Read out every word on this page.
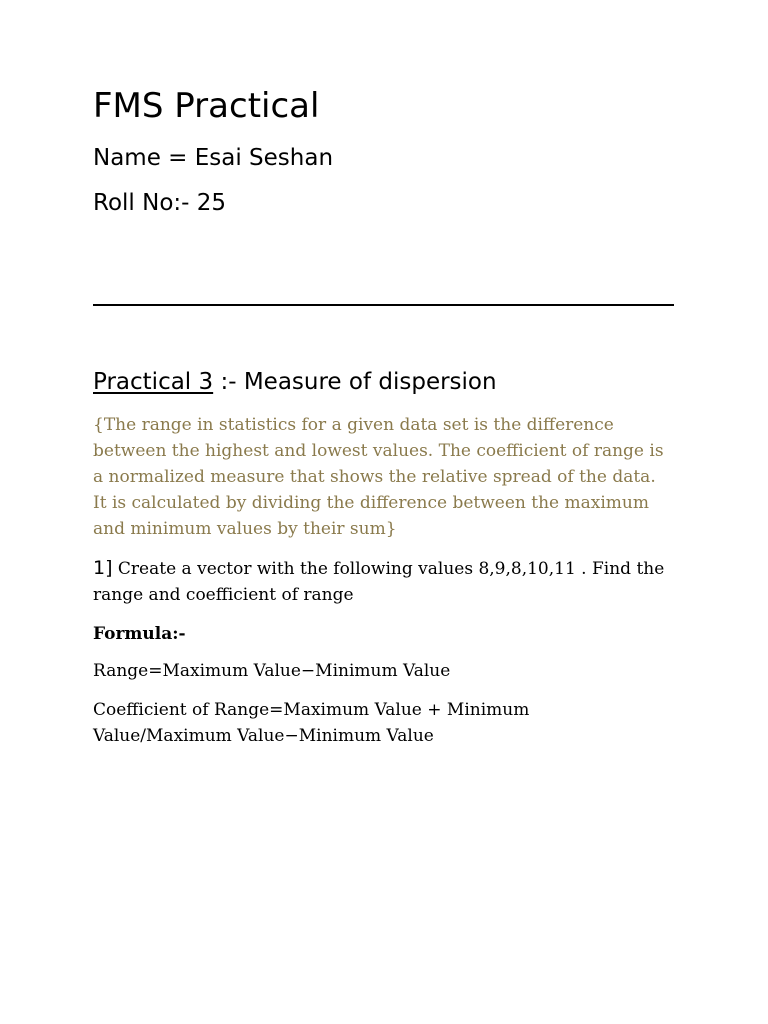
FMS Practical
Name = Esai Seshan
Roll No:- 25
Practical 3 :- Measure of dispersion
{The range in statistics for a given data set is the difference
between the highest and lowest values. The coefficient of range is
a normalized measure that shows the relative spread of the data.
It is calculated by dividing the difference between the maximum
and minimum values by their sum}
1] Create a vector with the following values 8,9,8,10,11 . Find the
range and coefficient of range
Formula:-
Range=Maximum Value−Minimum Value
Coefficient of Range=Maximum Value + Minimum
Value/Maximum Value−Minimum Value
